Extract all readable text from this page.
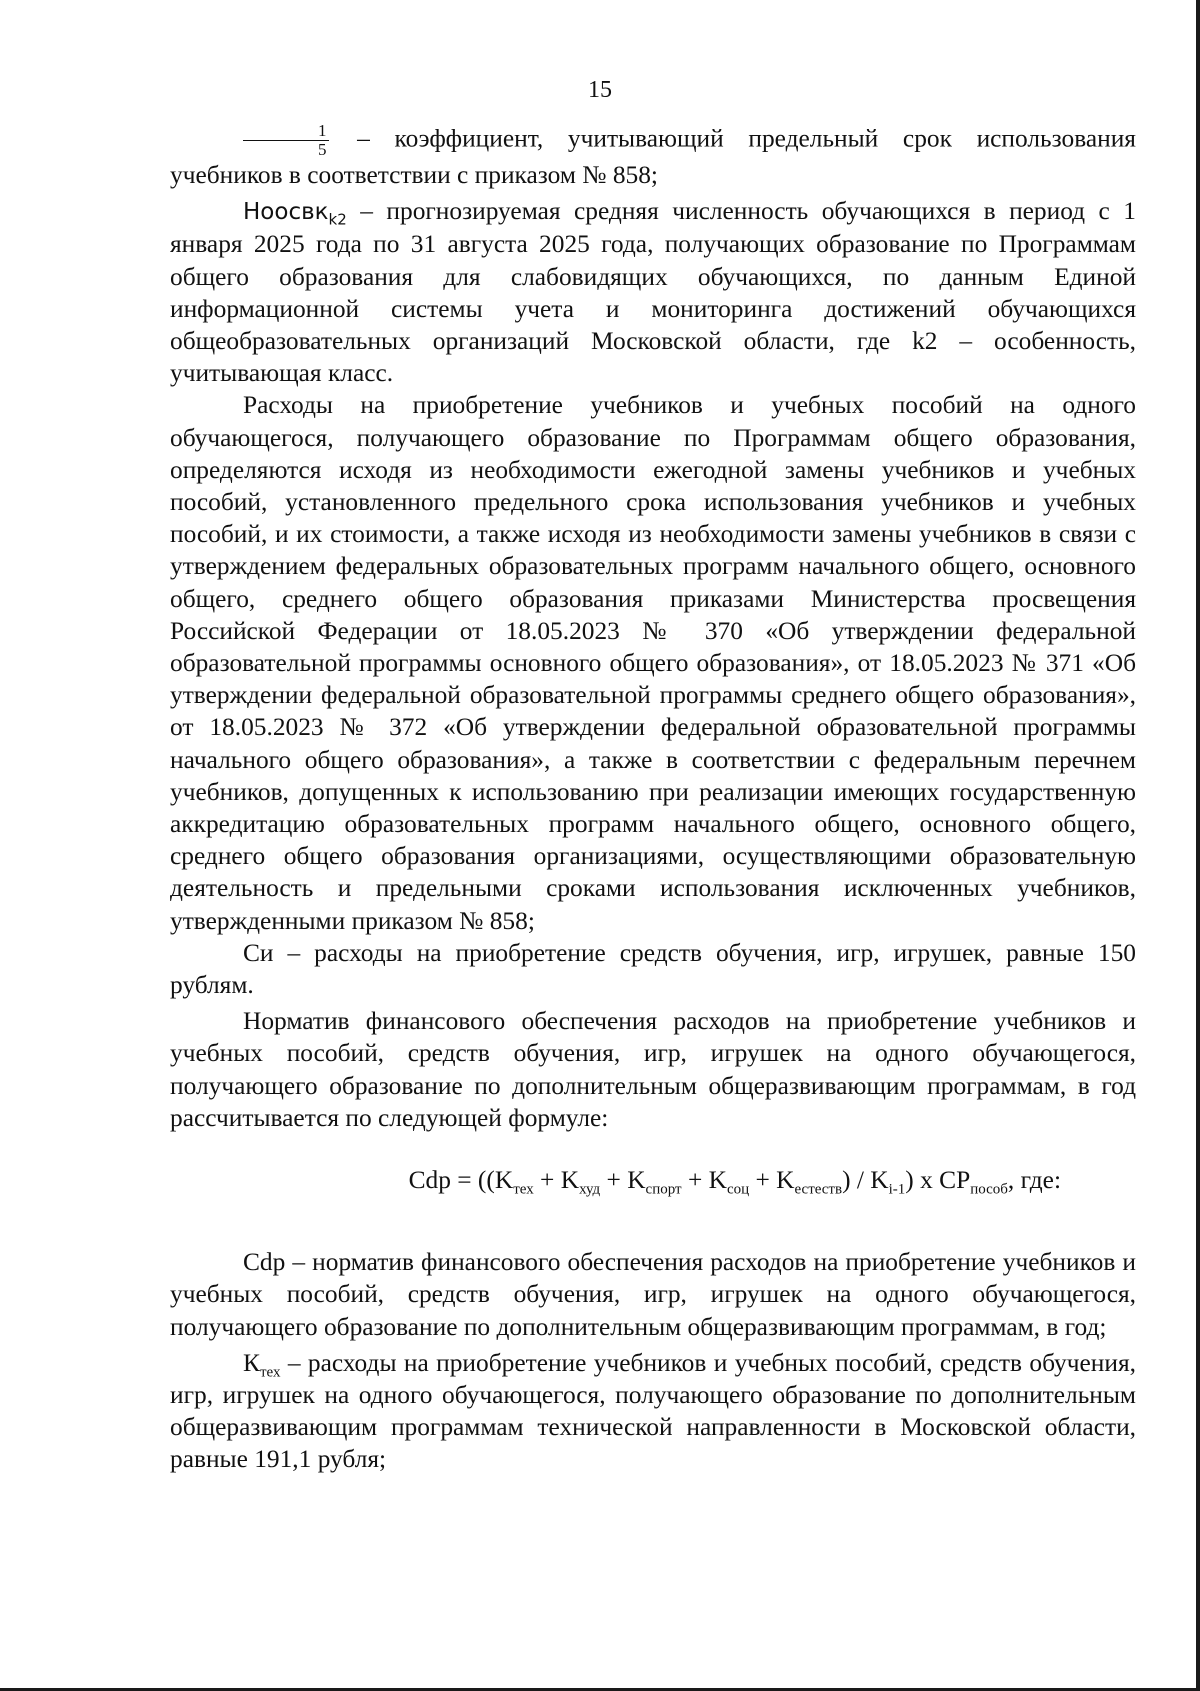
15

$\frac{1}{5}$ – коэффициент, учитывающий предельный срок использования учебников в соответствии с приказом № 858;

Ноосвк$_{k2}$ – прогнозируемая средняя численность обучающихся в период с 1 января 2025 года по 31 августа 2025 года, получающих образование по Программам общего образования для слабовидящих обучающихся, по данным Единой информационной системы учета и мониторинга достижений обучающихся общеобразовательных организаций Московской области, где k2 – особенность, учитывающая класс.

Расходы на приобретение учебников и учебных пособий на одного обучающегося, получающего образование по Программам общего образования, определяются исходя из необходимости ежегодной замены учебников и учебных пособий, установленного предельного срока использования учебников и учебных пособий, и их стоимости, а также исходя из необходимости замены учебников в связи с утверждением федеральных образовательных программ начального общего, основного общего, среднего общего образования приказами Министерства просвещения Российской Федерации от 18.05.2023 № 370 «Об утверждении федеральной образовательной программы основного общего образования», от 18.05.2023 № 371 «Об утверждении федеральной образовательной программы среднего общего образования», от 18.05.2023 № 372 «Об утверждении федеральной образовательной программы начального общего образования», а также в соответствии с федеральным перечнем учебников, допущенных к использованию при реализации имеющих государственную аккредитацию образовательных программ начального общего, основного общего, среднего общего образования организациями, осуществляющими образовательную деятельность и предельными сроками использования исключенных учебников, утвержденными приказом № 858;

Си – расходы на приобретение средств обучения, игр, игрушек, равные 150 рублям.

Норматив финансового обеспечения расходов на приобретение учебников и учебных пособий, средств обучения, игр, игрушек на одного обучающегося, получающего образование по дополнительным общеразвивающим программам, в год рассчитывается по следующей формуле:

Cdp = $((K_{тех} + K_{худ} + K_{спорт} + K_{соц} + K_{естеств}) / K_{i-1})$ x $CP_{пособ}$, где:

Cdp – норматив финансового обеспечения расходов на приобретение учебников и учебных пособий, средств обучения, игр, игрушек на одного обучающегося, получающего образование по дополнительным общеразвивающим программам, в год;

$К_{тех}$ – расходы на приобретение учебников и учебных пособий, средств обучения, игр, игрушек на одного обучающегося, получающего образование по дополнительным общеразвивающим программам технической направленности в Московской области, равные 191,1 рубля;
